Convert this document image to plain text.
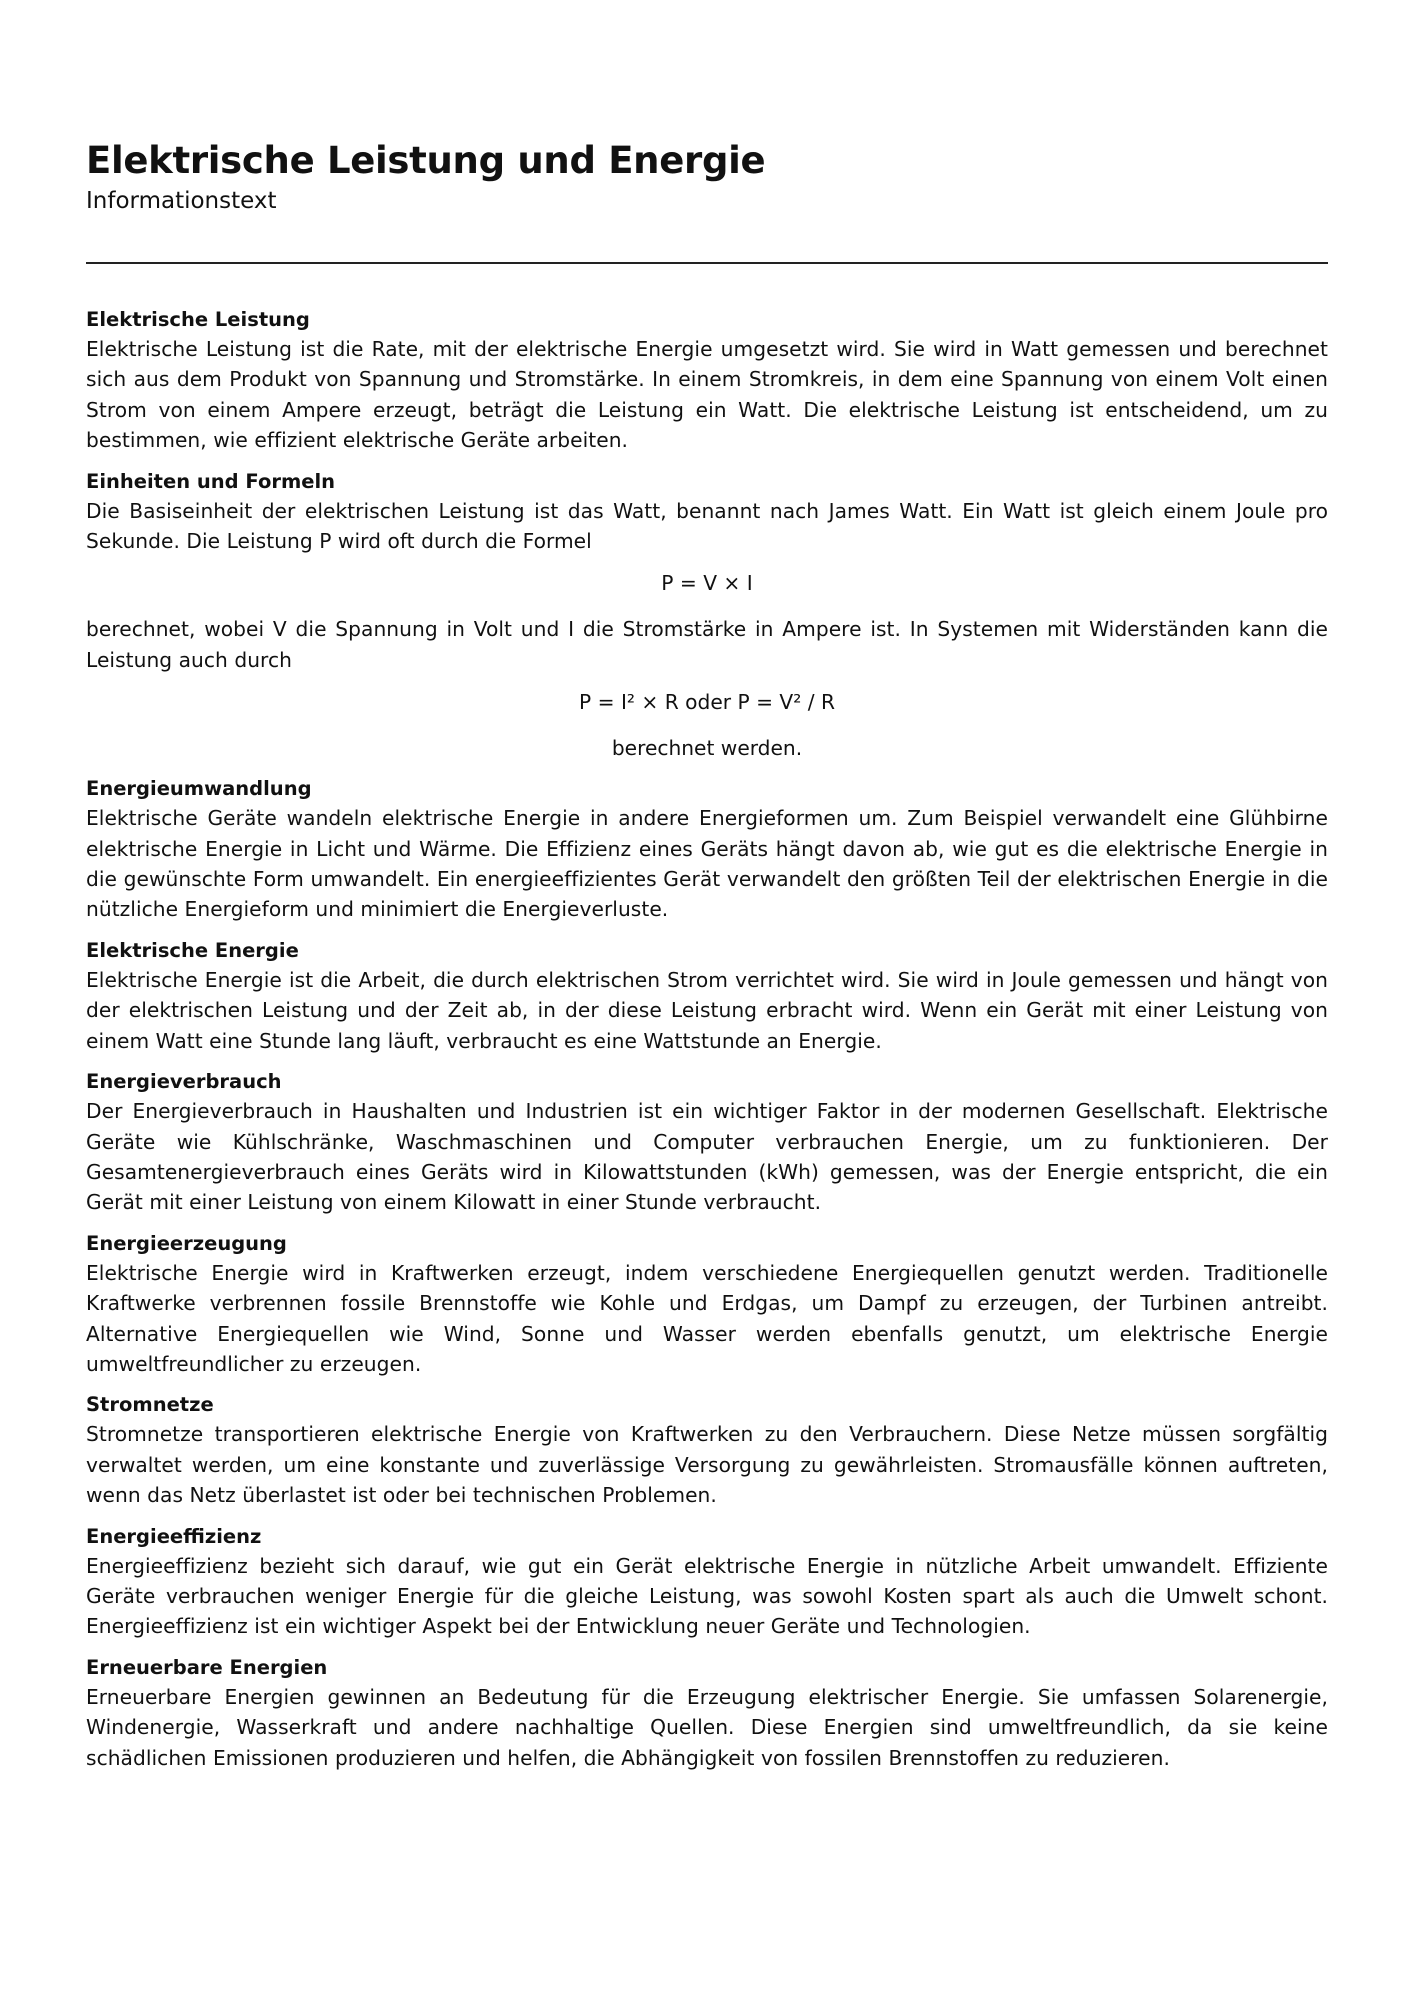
Elektrische Leistung und Energie
Informationstext
Elektrische Leistung

Elektrische Leistung ist die Rate, mit der elektrische Energie umgesetzt wird. Sie wird in Watt gemessen und berechnet sich aus dem Produkt von Spannung und Stromstärke. In einem Stromkreis, in dem eine Spannung von einem Volt einen Strom von einem Ampere erzeugt, beträgt die Leistung ein Watt. Die elektrische Leistung ist entscheidend, um zu bestimmen, wie effizient elektrische Geräte arbeiten.

Einheiten und Formeln

Die Basiseinheit der elektrischen Leistung ist das Watt, benannt nach James Watt. Ein Watt ist gleich einem Joule pro Sekunde. Die Leistung P wird oft durch die Formel

P = V × I

berechnet, wobei V die Spannung in Volt und I die Stromstärke in Ampere ist. In Systemen mit Widerständen kann die Leistung auch durch

P = I² × R oder P = V² / R
berechnet werden.
Energieumwandlung

Elektrische Geräte wandeln elektrische Energie in andere Energieformen um. Zum Beispiel verwandelt eine Glühbirne elektrische Energie in Licht und Wärme. Die Effizienz eines Geräts hängt davon ab, wie gut es die elektrische Energie in die gewünschte Form umwandelt. Ein energieeffizientes Gerät verwandelt den größten Teil der elektrischen Energie in die nützliche Energieform und minimiert die Energieverluste.

Elektrische Energie

Elektrische Energie ist die Arbeit, die durch elektrischen Strom verrichtet wird. Sie wird in Joule gemessen und hängt von der elektrischen Leistung und der Zeit ab, in der diese Leistung erbracht wird. Wenn ein Gerät mit einer Leistung von einem Watt eine Stunde lang läuft, verbraucht es eine Wattstunde an Energie.

Energieverbrauch

Der Energieverbrauch in Haushalten und Industrien ist ein wichtiger Faktor in der modernen Gesellschaft. Elektrische Geräte wie Kühlschränke, Waschmaschinen und Computer verbrauchen Energie, um zu funktionieren. Der Gesamtenergieverbrauch eines Geräts wird in Kilowattstunden (kWh) gemessen, was der Energie entspricht, die ein Gerät mit einer Leistung von einem Kilowatt in einer Stunde verbraucht.

Energieerzeugung

Elektrische Energie wird in Kraftwerken erzeugt, indem verschiedene Energiequellen genutzt werden. Traditionelle Kraftwerke verbrennen fossile Brennstoffe wie Kohle und Erdgas, um Dampf zu erzeugen, der Turbinen antreibt. Alternative Energiequellen wie Wind, Sonne und Wasser werden ebenfalls genutzt, um elektrische Energie umweltfreundlicher zu erzeugen.

Stromnetze

Stromnetze transportieren elektrische Energie von Kraftwerken zu den Verbrauchern. Diese Netze müssen sorgfältig verwaltet werden, um eine konstante und zuverlässige Versorgung zu gewährleisten. Stromausfälle können auftreten, wenn das Netz überlastet ist oder bei technischen Problemen.

Energieeffizienz

Energieeffizienz bezieht sich darauf, wie gut ein Gerät elektrische Energie in nützliche Arbeit umwandelt. Effiziente Geräte verbrauchen weniger Energie für die gleiche Leistung, was sowohl Kosten spart als auch die Umwelt schont. Energieeffizienz ist ein wichtiger Aspekt bei der Entwicklung neuer Geräte und Technologien.

Erneuerbare Energien

Erneuerbare Energien gewinnen an Bedeutung für die Erzeugung elektrischer Energie. Sie umfassen Solarenergie, Windenergie, Wasserkraft und andere nachhaltige Quellen. Diese Energien sind umweltfreundlich, da sie keine schädlichen Emissionen produzieren und helfen, die Abhängigkeit von fossilen Brennstoffen zu reduzieren.
